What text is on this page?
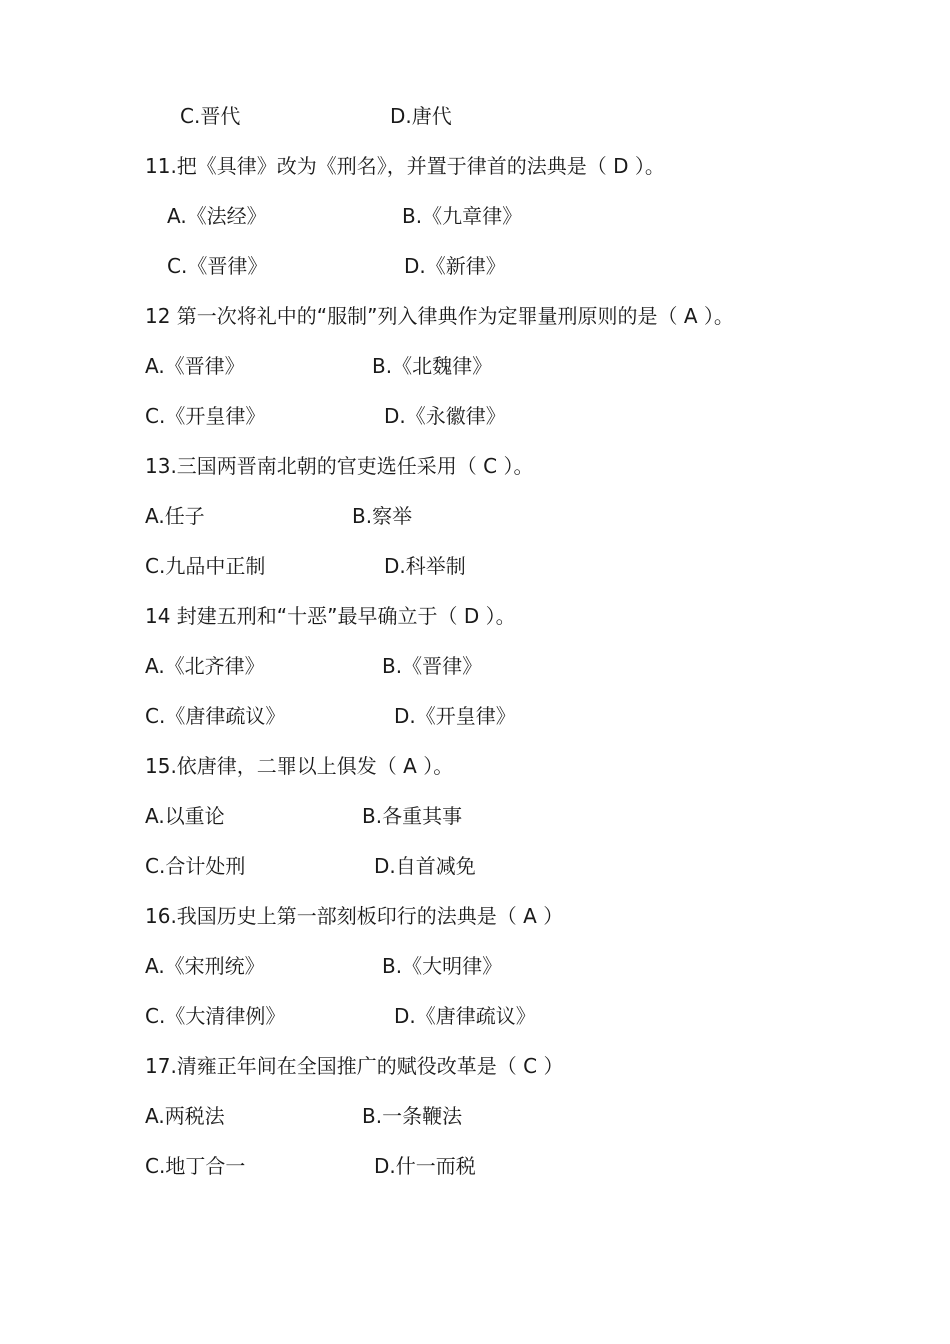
C.晋代	D.唐代
11.把《具律》改为《刑名》，并置于律首的法典是（ D ）。
A.《法经》	B.《九章律》
C.《晋律》	D.《新律》
12 第一次将礼中的“服制”列入律典作为定罪量刑原则的是（ A ）。
A.《晋律》	B.《北魏律》
C.《开皇律》	D.《永徽律》
13.三国两晋南北朝的官吏选任采用（ C ）。
A.任子	B.察举
C.九品中正制	D.科举制
14 封建五刑和“十恶”最早确立于（ D ）。
A.《北齐律》	B.《晋律》
C.《唐律疏议》	D.《开皇律》
15.依唐律，二罪以上俱发（ A ）。
A.以重论	B.各重其事
C.合计处刑	D.自首减免
16.我国历史上第一部刻板印行的法典是（ A ）
A.《宋刑统》	B.《大明律》
C.《大清律例》	D.《唐律疏议》
17.清雍正年间在全国推广的赋役改革是（ C ）
A.两税法	B.一条鞭法
C.地丁合一	D.什一而税
